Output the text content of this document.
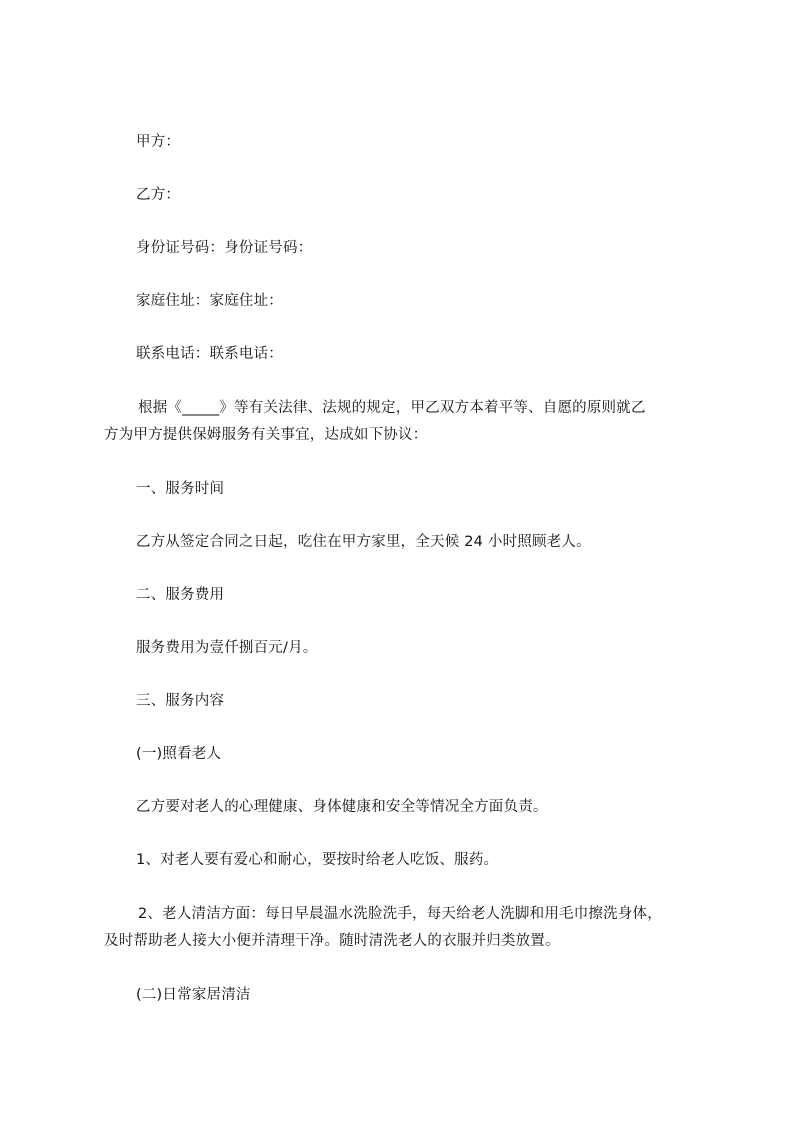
甲方：
乙方：
身份证号码：身份证号码：
家庭住址：家庭住址：
联系电话：联系电话：
根据《_____》等有关法律、法规的规定，甲乙双方本着平等、自愿的原则就乙
方为甲方提供保姆服务有关事宜，达成如下协议：
一、服务时间
乙方从签定合同之日起，吃住在甲方家里，全天候 24 小时照顾老人。
二、服务费用
服务费用为壹仟捌百元/月。
三、服务内容
(一)照看老人
乙方要对老人的心理健康、身体健康和安全等情况全方面负责。
1、对老人要有爱心和耐心，要按时给老人吃饭、服药。
2、老人清洁方面：每日早晨温水洗脸洗手，每天给老人洗脚和用毛巾擦洗身体，
及时帮助老人接大小便并清理干净。随时清洗老人的衣服并归类放置。
(二)日常家居清洁
